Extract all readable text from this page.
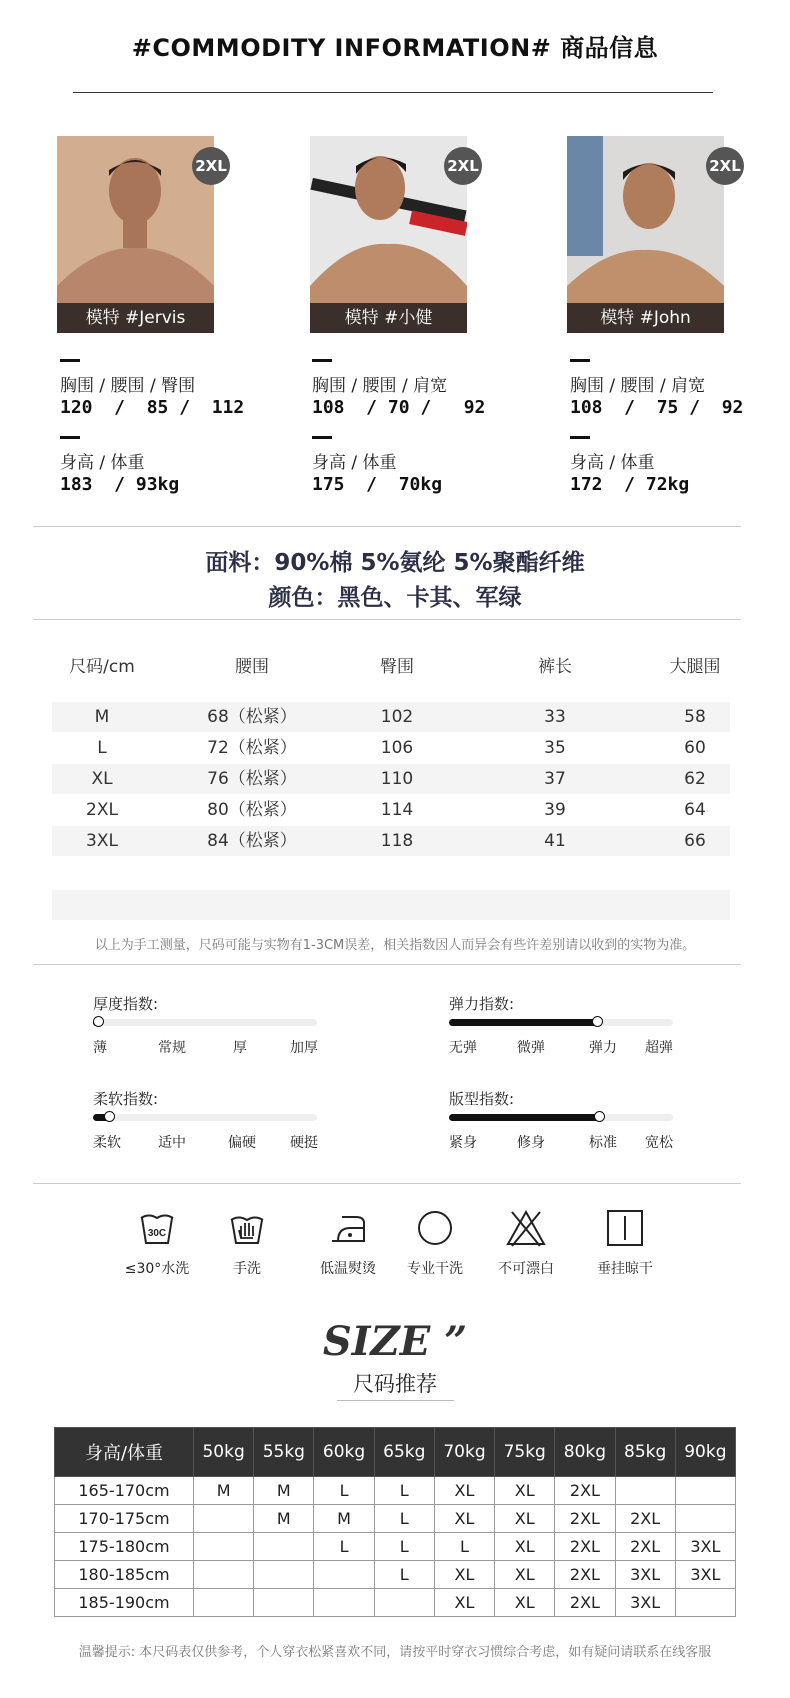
#COMMODITY INFORMATION# 商品信息
模特 #Jervis
2XL
模特 #小健
2XL
模特 #John
2XL
胸围 / 腰围 / 臀围
120  /  85 /  112
身高 / 体重
183  / 93kg
胸围 / 腰围 / 肩宽
108  / 70 /   92
身高 / 体重
175  /  70kg
胸围 / 腰围 / 肩宽
108  /  75 /  92
身高 / 体重
172  / 72kg
面料：90%棉 5%氨纶 5%聚酯纤维
颜色：黑色、卡其、军绿
尺码/cm	腰围	臀围	裤长	大腿围
M	68（松紧）	102	33	58
L	72（松紧）	106	35	60
XL	76（松紧）	110	37	62
2XL	80（松紧）	114	39	64
3XL	84（松紧）	118	41	66
以上为手工测量，尺码可能与实物有1-3CM误差，相关指数因人而异会有些许差别请以收到的实物为准。
厚度指数:
薄	常规	厚	加厚
弹力指数:
无弹	微弹	弹力 超弹
柔软指数:
柔软	适中	偏硬 硬挺
版型指数:
紧身	修身	标准 宽松
30C
≤30°水洗	手洗	低温熨烫	专业干洗	不可漂白	垂挂晾干
SIZE ”
尺码推荐
身高/体重	50kg	55kg	60kg	65kg	70kg	75kg	80kg	85kg	90kg
165-170cm	M	M	L	L	XL	XL	2XL		
170-175cm		M	M	L	XL	XL	2XL	2XL	
175-180cm			L	L	L	XL	2XL	2XL	3XL
180-185cm				L	XL	XL	2XL	3XL	3XL
185-190cm					XL	XL	2XL	3XL	
温馨提示: 本尺码表仅供参考，个人穿衣松紧喜欢不同，请按平时穿衣习惯综合考虑，如有疑问请联系在线客服
